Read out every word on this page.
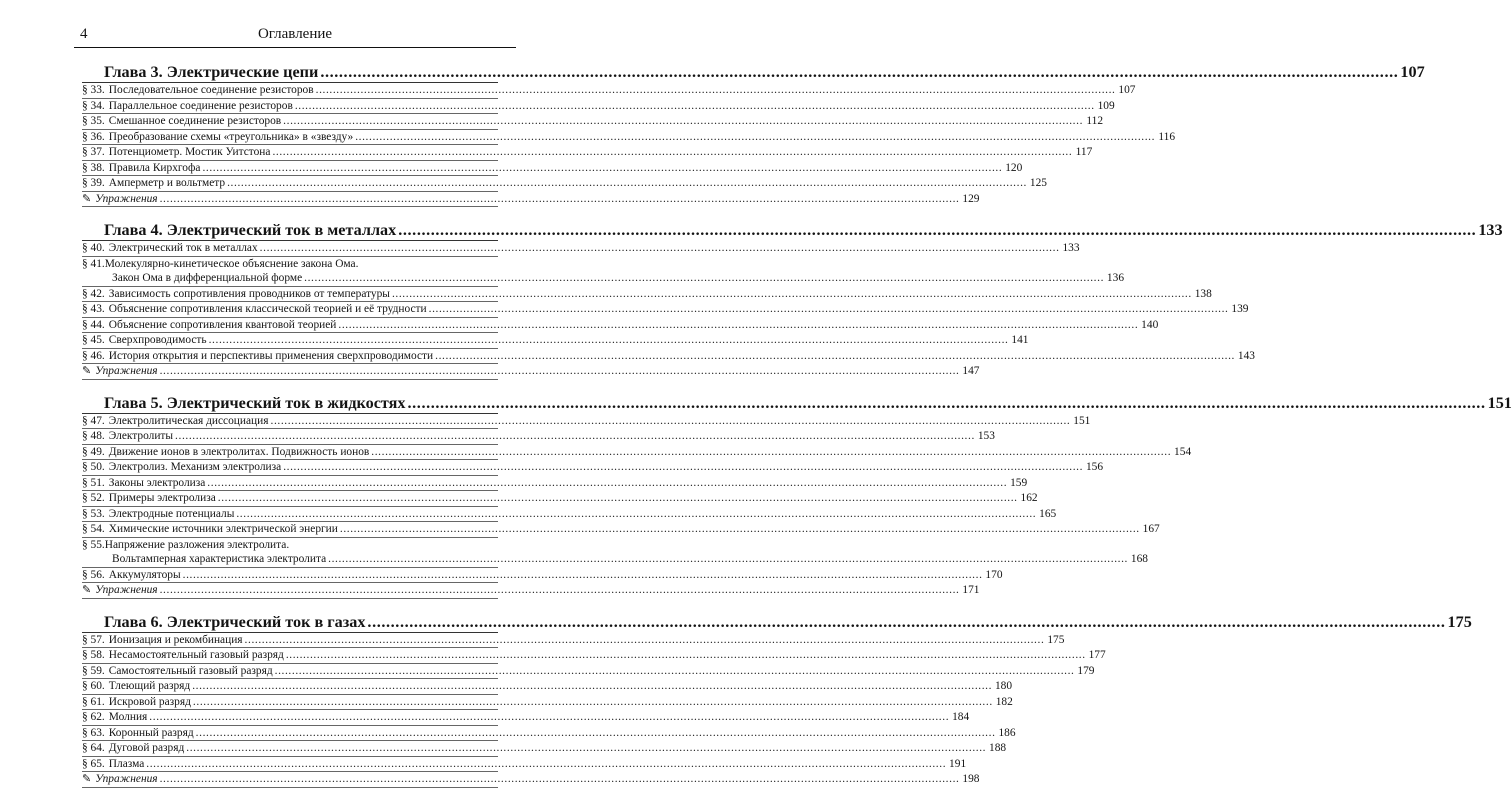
4	Оглавление
Глава 3. Электрические цепи .....	107
§ 33. Последовательное соединение резисторов .....	107
§ 34. Параллельное соединение резисторов .....	109
§ 35. Смешанное соединение резисторов .....	112
§ 36. Преобразование схемы «треугольника» в «звезду» .....	116
§ 37. Потенциометр. Мостик Уитстона .....	117
§ 38. Правила Кирхгофа .....	120
§ 39. Амперметр и вольтметр .....	125
✎ Упражнения .....	129
Глава 4. Электрический ток в металлах .....	133
§ 40. Электрический ток в металлах .....	133
§ 41. Молекулярно-кинетическое объяснение закона Ома.
Закон Ома в дифференциальной форме .....	136
§ 42. Зависимость сопротивления проводников от температуры .....	138
§ 43. Объяснение сопротивления классической теорией и её трудности .....	139
§ 44. Объяснение сопротивления квантовой теорией .....	140
§ 45. Сверхпроводимость .....	141
§ 46. История открытия и перспективы применения сверхпроводимости .....	143
✎ Упражнения .....	147
Глава 5. Электрический ток в жидкостях .....	151
§ 47. Электролитическая диссоциация .....	151
§ 48. Электролиты .....	153
§ 49. Движение ионов в электролитах. Подвижность ионов .....	154
§ 50. Электролиз. Механизм электролиза .....	156
§ 51. Законы электролиза .....	159
§ 52. Примеры электролиза .....	162
§ 53. Электродные потенциалы .....	165
§ 54. Химические источники электрической энергии .....	167
§ 55. Напряжение разложения электролита.
Вольтамперная характеристика электролита .....	168
§ 56. Аккумуляторы .....	170
✎ Упражнения .....	171
Глава 6. Электрический ток в газах .....	175
§ 57. Ионизация и рекомбинация .....	175
§ 58. Несамостоятельный газовый разряд .....	177
§ 59. Самостоятельный газовый разряд .....	179
§ 60. Тлеющий разряд .....	180
§ 61. Искровой разряд .....	182
§ 62. Молния .....	184
§ 63. Коронный разряд .....	186
§ 64. Дуговой разряд .....	188
§ 65. Плазма .....	191
✎ Упражнения .....	198
